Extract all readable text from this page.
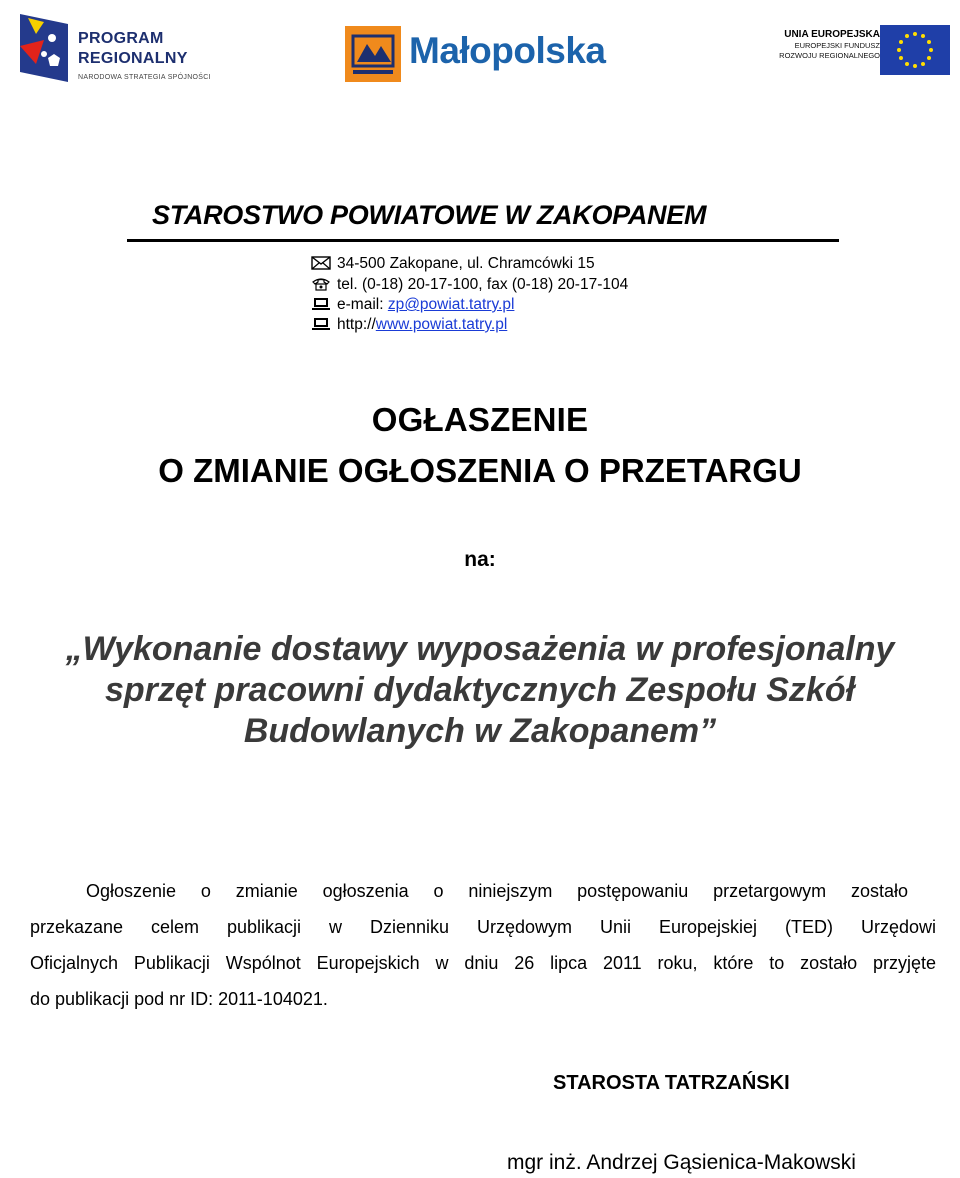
PROGRAM
REGIONALNY
NARODOWA STRATEGIA SPÓJNOŚCI
Małopolska	UNIA EUROPEJSKA
EUROPEJSKI FUNDUSZ
ROZWOJU REGIONALNEGO
STAROSTWO POWIATOWE W ZAKOPANEM
34-500 Zakopane, ul. Chramcówki 15
tel. (0-18) 20-17-100, fax (0-18) 20-17-104
e-mail: zp@powiat.tatry.pl
http://www.powiat.tatry.pl
OGŁASZENIE
O ZMIANIE OGŁOSZENIA O PRZETARGU
na:
„Wykonanie dostawy wyposażenia w profesjonalny
sprzęt pracowni dydaktycznych Zespołu Szkół
Budowlanych w Zakopanem”
Ogłoszenie o zmianie ogłoszenia o niniejszym postępowaniu przetargowym zostało
przekazane celem publikacji w Dzienniku Urzędowym Unii Europejskiej (TED) Urzędowi
Oficjalnych Publikacji Wspólnot Europejskich w dniu 26 lipca 2011 roku, które to zostało przyjęte
do publikacji pod nr ID: 2011-104021.
STAROSTA TATRZAŃSKI
mgr inż. Andrzej Gąsienica-Makowski
